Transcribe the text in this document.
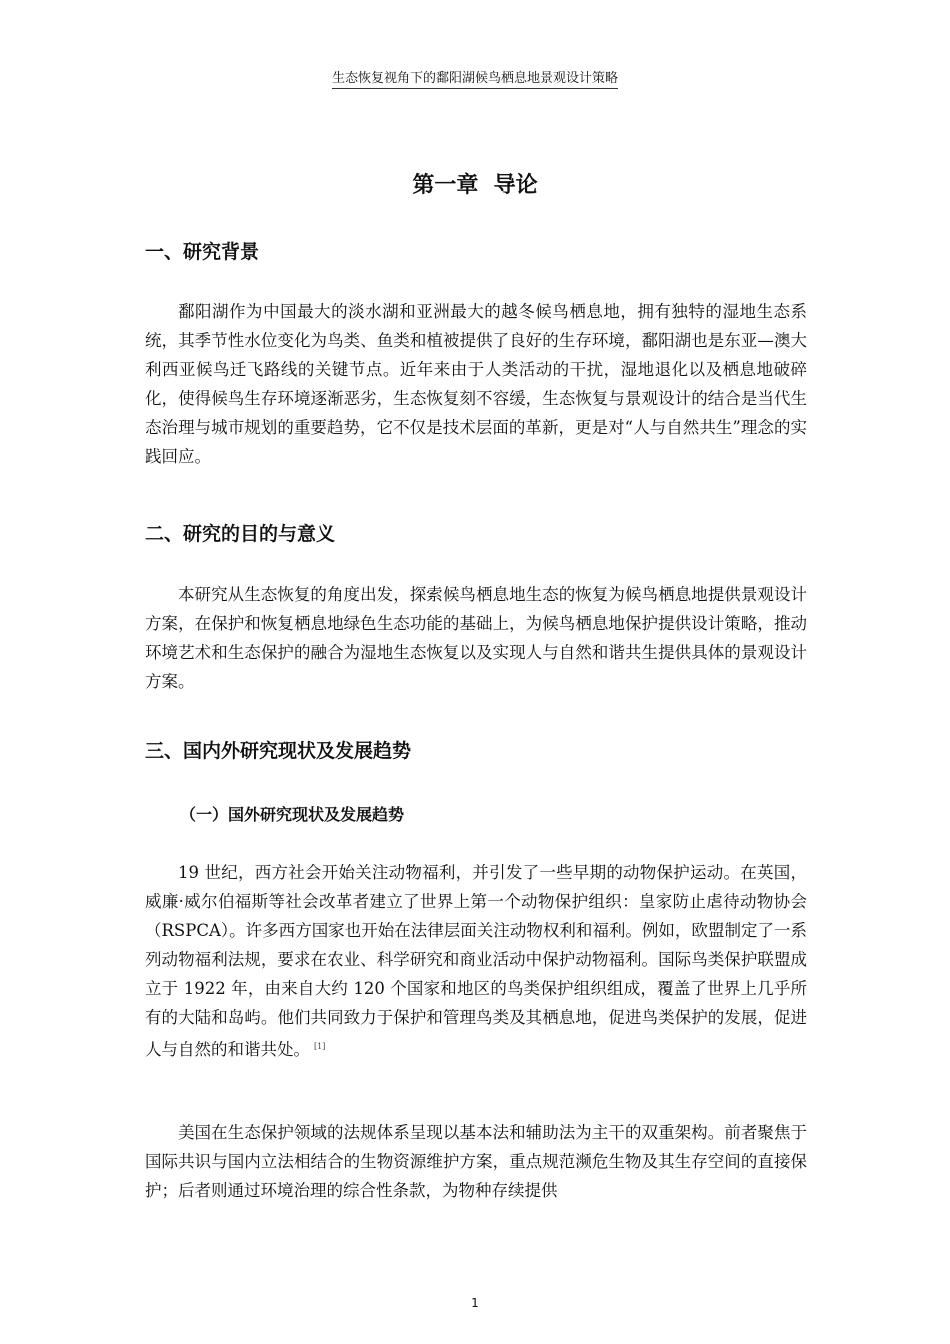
生态恢复视角下的鄱阳湖候鸟栖息地景观设计策略
第一章  导论
一、研究背景

鄱阳湖作为中国最大的淡水湖和亚洲最大的越冬候鸟栖息地，拥有独特的湿地生态系统，其季节性水位变化为鸟类、鱼类和植被提供了良好的生存环境，鄱阳湖也是东亚—澳大利西亚候鸟迁飞路线的关键节点。近年来由于人类活动的干扰，湿地退化以及栖息地破碎化，使得候鸟生存环境逐渐恶劣，生态恢复刻不容缓，生态恢复与景观设计的结合是当代生态治理与城市规划的重要趋势，它不仅是技术层面的革新，更是对“人与自然共生”理念的实践回应。

二、研究的目的与意义

本研究从生态恢复的角度出发，探索候鸟栖息地生态的恢复为候鸟栖息地提供景观设计方案，在保护和恢复栖息地绿色生态功能的基础上，为候鸟栖息地保护提供设计策略，推动环境艺术和生态保护的融合为湿地生态恢复以及实现人与自然和谐共生提供具体的景观设计方案。

三、国内外研究现状及发展趋势
（一）国外研究现状及发展趋势

19 世纪，西方社会开始关注动物福利，并引发了一些早期的动物保护运动。在英国，威廉·威尔伯福斯等社会改革者建立了世界上第一个动物保护组织：皇家防止虐待动物协会（RSPCA）。许多西方国家也开始在法律层面关注动物权利和福利。例如，欧盟制定了一系列动物福利法规，要求在农业、科学研究和商业活动中保护动物福利。国际鸟类保护联盟成立于 1922 年，由来自大约 120 个国家和地区的鸟类保护组织组成，覆盖了世界上几乎所有的大陆和岛屿。他们共同致力于保护和管理鸟类及其栖息地，促进鸟类保护的发展，促进人与自然的和谐共处。 [1]

美国在生态保护领域的法规体系呈现以基本法和辅助法为主干的双重架构。前者聚焦于国际共识与国内立法相结合的生物资源维护方案，重点规范濒危生物及其生存空间的直接保护；后者则通过环境治理的综合性条款，为物种存续提供

1
